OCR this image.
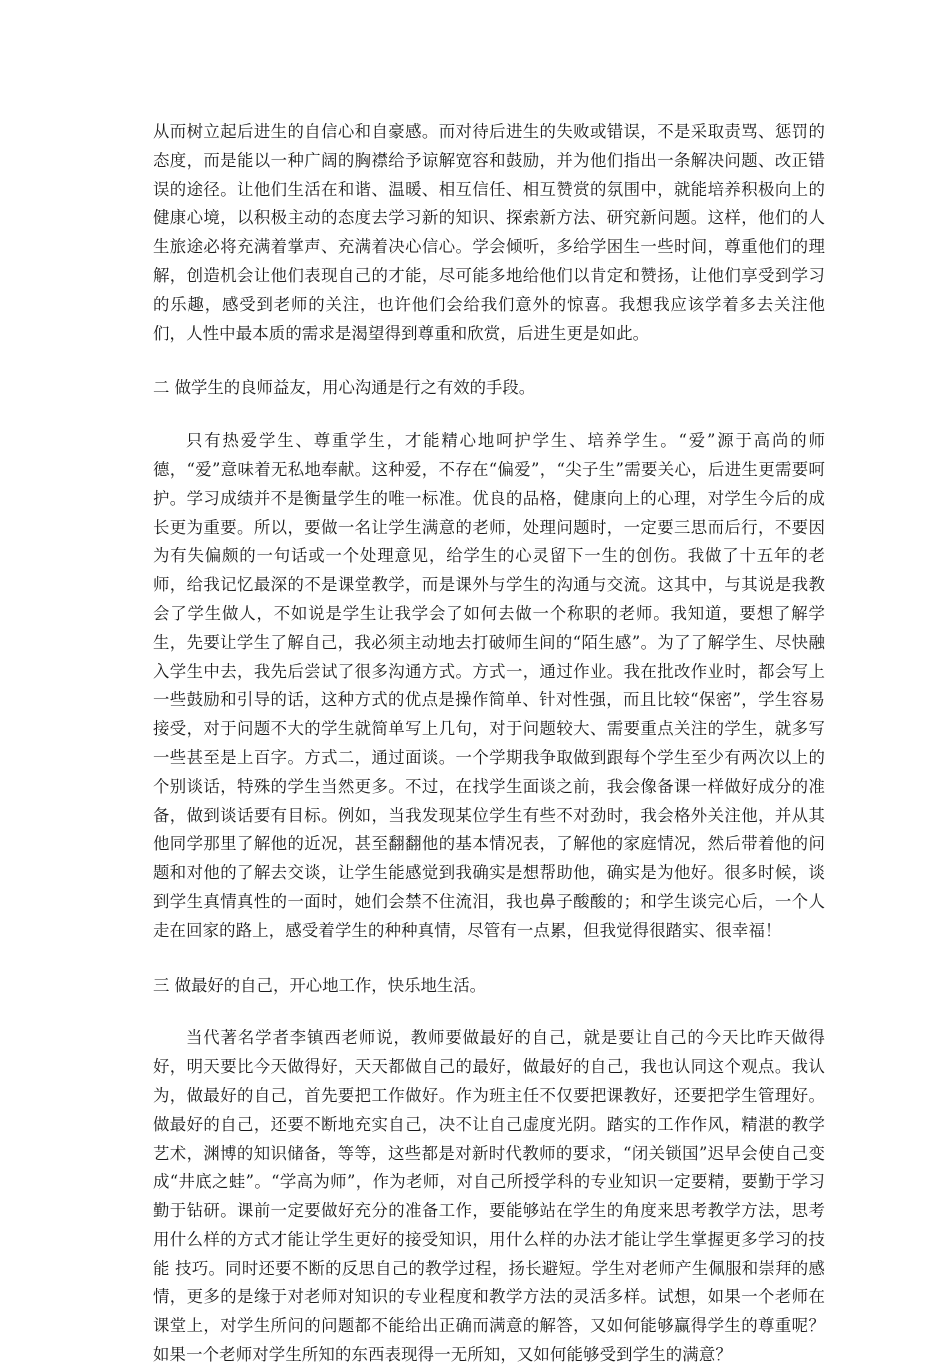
从而树立起后进生的自信心和自豪感。而对待后进生的失败或错误，不是采取责骂、惩罚的态度，而是能以一种广阔的胸襟给予谅解宽容和鼓励，并为他们指出一条解决问题、改正错误的途径。让他们生活在和谐、温暖、相互信任、相互赞赏的氛围中，就能培养积极向上的健康心境，以积极主动的态度去学习新的知识、探索新方法、研究新问题。这样，他们的人生旅途必将充满着掌声、充满着决心信心。学会倾听，多给学困生一些时间，尊重他们的理解，创造机会让他们表现自己的才能，尽可能多地给他们以肯定和赞扬，让他们享受到学习的乐趣，感受到老师的关注，也许他们会给我们意外的惊喜。我想我应该学着多去关注他们，人性中最本质的需求是渴望得到尊重和欣赏，后进生更是如此。

二 做学生的良师益友，用心沟通是行之有效的手段。

只有热爱学生、尊重学生，才能精心地呵护学生、培养学生。“爱”源于高尚的师德，“爱”意味着无私地奉献。这种爱，不存在“偏爱”，“尖子生”需要关心，后进生更需要呵护。学习成绩并不是衡量学生的唯一标准。优良的品格，健康向上的心理，对学生今后的成长更为重要。所以，要做一名让学生满意的老师，处理问题时，一定要三思而后行，不要因为有失偏颇的一句话或一个处理意见，给学生的心灵留下一生的创伤。我做了十五年的老师，给我记忆最深的不是课堂教学，而是课外与学生的沟通与交流。这其中，与其说是我教会了学生做人，不如说是学生让我学会了如何去做一个称职的老师。我知道，要想了解学生，先要让学生了解自己，我必须主动地去打破师生间的“陌生感”。为了了解学生、尽快融入学生中去，我先后尝试了很多沟通方式。方式一，通过作业。我在批改作业时，都会写上一些鼓励和引导的话，这种方式的优点是操作简单、针对性强，而且比较“保密”，学生容易接受，对于问题不大的学生就简单写上几句，对于问题较大、需要重点关注的学生，就多写一些甚至是上百字。方式二，通过面谈。一个学期我争取做到跟每个学生至少有两次以上的个别谈话，特殊的学生当然更多。不过，在找学生面谈之前，我会像备课一样做好成分的准备，做到谈话要有目标。例如，当我发现某位学生有些不对劲时，我会格外关注他，并从其他同学那里了解他的近况，甚至翻翻他的基本情况表，了解他的家庭情况，然后带着他的问题和对他的了解去交谈，让学生能感觉到我确实是想帮助他，确实是为他好。很多时候，谈到学生真情真性的一面时，她们会禁不住流泪，我也鼻子酸酸的；和学生谈完心后，一个人走在回家的路上，感受着学生的种种真情，尽管有一点累，但我觉得很踏实、很幸福！

三 做最好的自己，开心地工作，快乐地生活。

当代著名学者李镇西老师说，教师要做最好的自己，就是要让自己的今天比昨天做得好，明天要比今天做得好，天天都做自己的最好，做最好的自己，我也认同这个观点。我认为，做最好的自己，首先要把工作做好。作为班主任不仅要把课教好，还要把学生管理好。做最好的自己，还要不断地充实自己，决不让自己虚度光阴。踏实的工作作风，精湛的教学艺术，渊博的知识储备，等等，这些都是对新时代教师的要求，“闭关锁国”迟早会使自己变成“井底之蛙”。“学高为师”，作为老师，对自己所授学科的专业知识一定要精，要勤于学习勤于钻研。课前一定要做好充分的准备工作，要能够站在学生的角度来思考教学方法，思考用什么样的方式才能让学生更好的接受知识，用什么样的办法才能让学生掌握更多学习的技能 技巧。同时还要不断的反思自己的教学过程，扬长避短。学生对老师产生佩服和崇拜的感情，更多的是缘于对老师对知识的专业程度和教学方法的灵活多样。试想，如果一个老师在课堂上，对学生所问的问题都不能给出正确而满意的解答，又如何能够赢得学生的尊重呢？如果一个老师对学生所知的东西表现得一无所知，又如何能够受到学生的满意？
